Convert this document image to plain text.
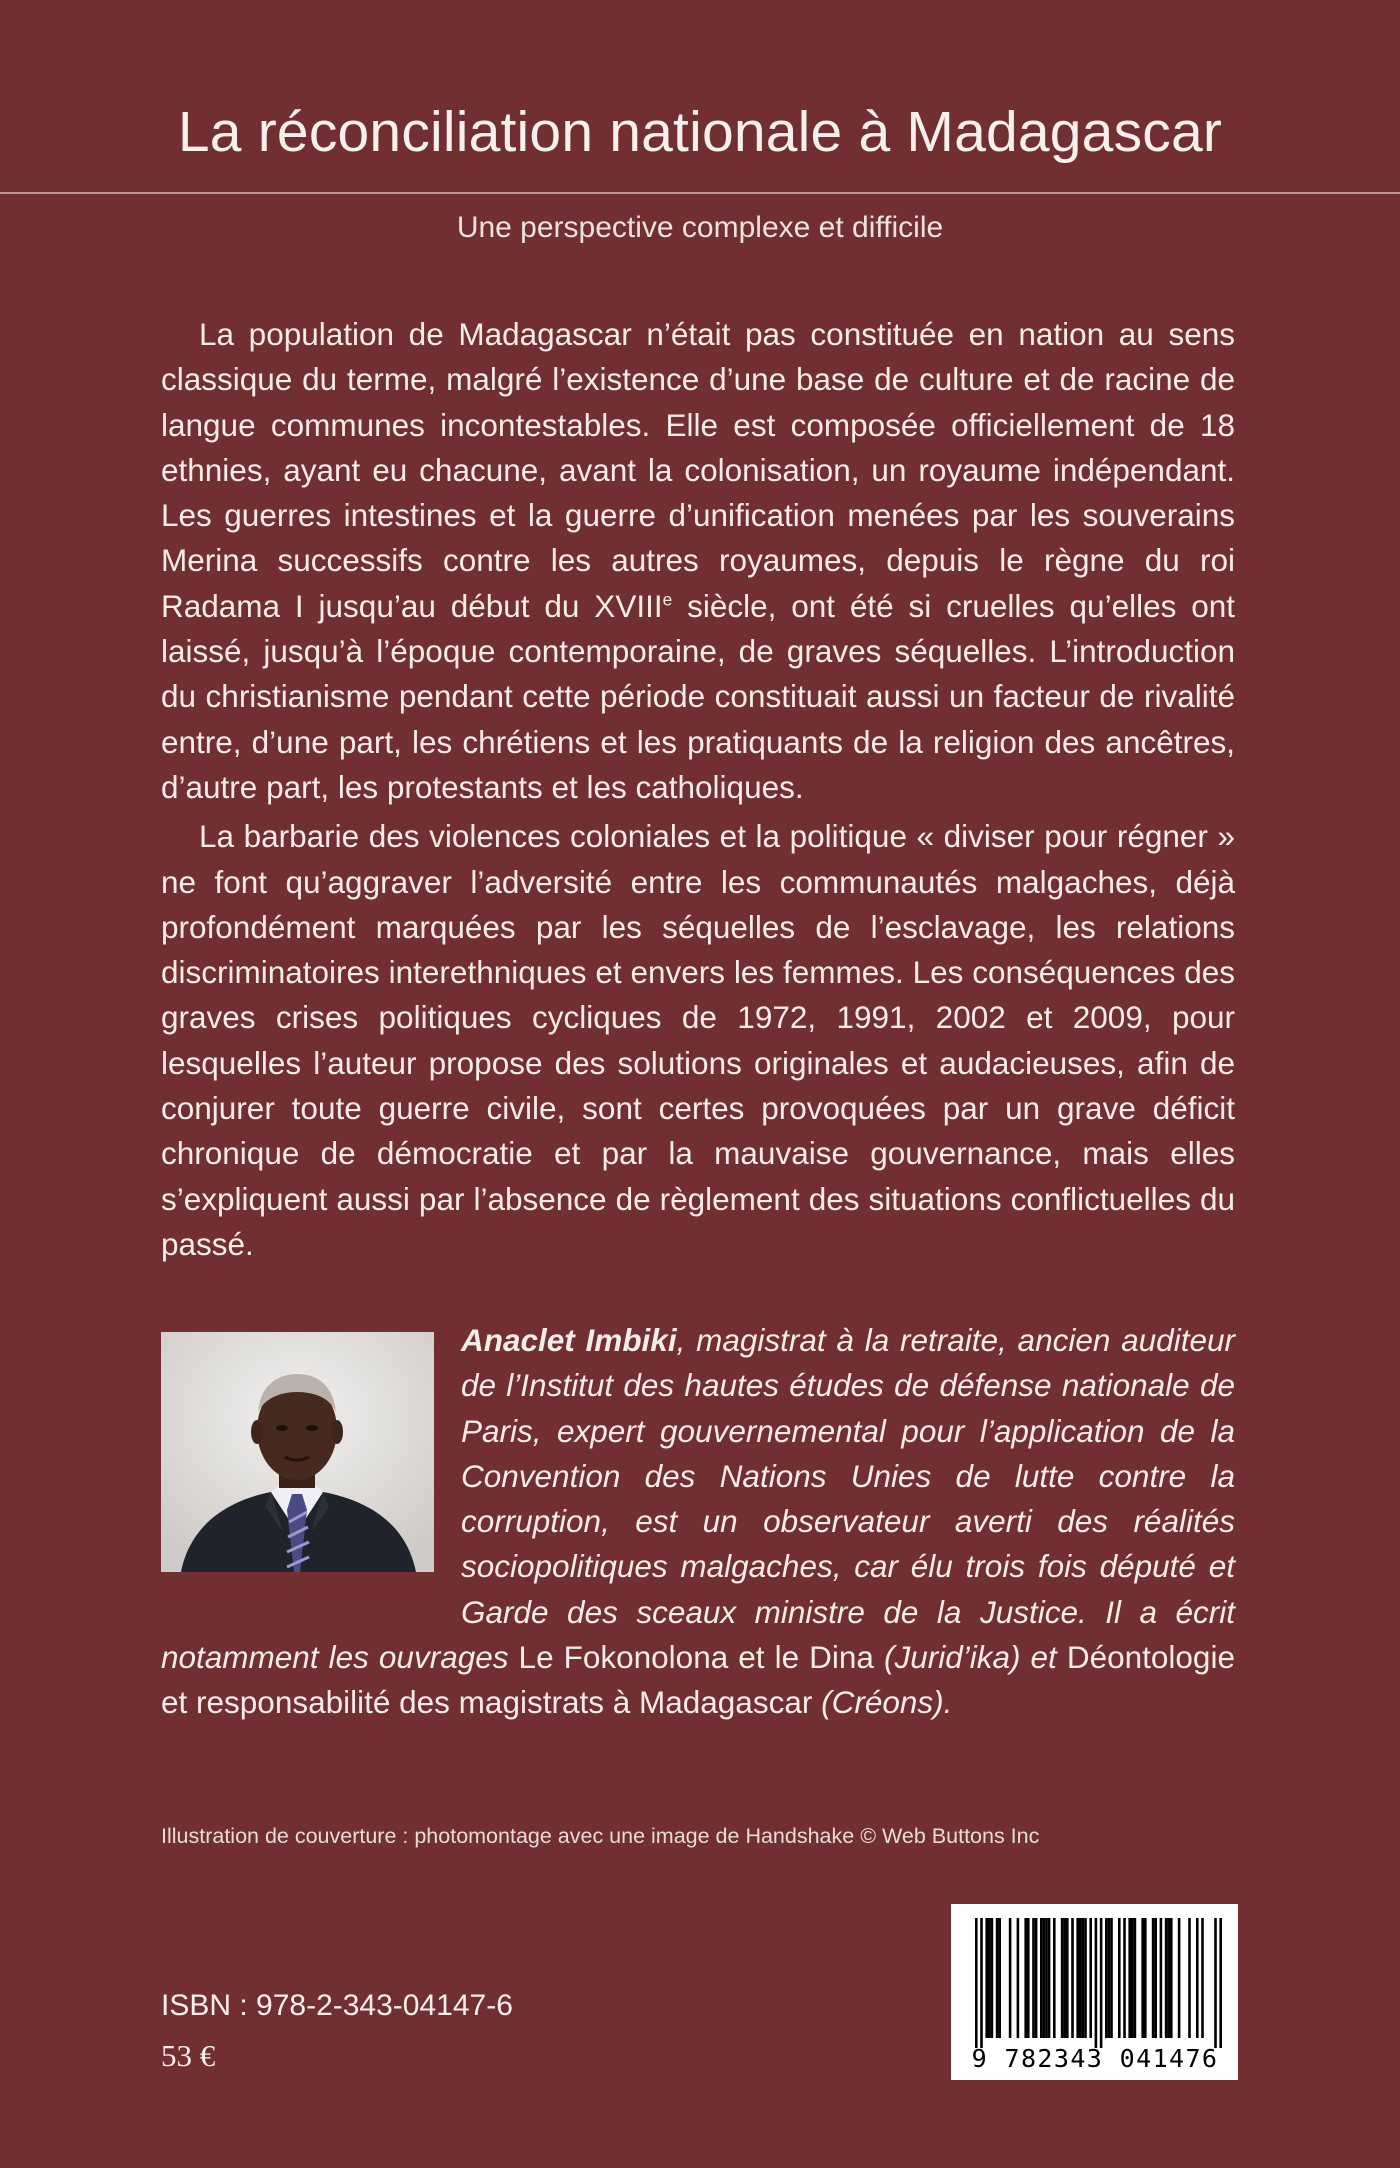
La réconciliation nationale à Madagascar
Une perspective complexe et difficile

La population de Madagascar n’était pas constituée en nation au sens classique du terme, malgré l’existence d’une base de culture et de racine de langue communes incontestables. Elle est composée officiellement de 18 ethnies, ayant eu chacune, avant la colonisation, un royaume indépendant. Les guerres intestines et la guerre d’unification menées par les souverains Merina successifs contre les autres royaumes, depuis le règne du roi Radama I jusqu’au début du XVIIIe siècle, ont été si cruelles qu’elles ont laissé, jusqu’à l’époque contemporaine, de graves séquelles. L’introduction du christianisme pendant cette période constituait aussi un facteur de rivalité entre, d’une part, les chrétiens et les pratiquants de la religion des ancêtres, d’autre part, les protestants et les catholiques.

La barbarie des violences coloniales et la politique « diviser pour régner » ne font qu’aggraver l’adversité entre les communautés malgaches, déjà profondément marquées par les séquelles de l’esclavage, les relations discriminatoires interethniques et envers les femmes. Les conséquences des graves crises politiques cycliques de 1972, 1991, 2002 et 2009, pour lesquelles l’auteur propose des solutions originales et audacieuses, afin de conjurer toute guerre civile, sont certes provoquées par un grave déficit chronique de démocratie et par la mauvaise gouvernance, mais elles s’expliquent aussi par l’absence de règlement des situations conflictuelles du passé.

Anaclet Imbiki, magistrat à la retraite, ancien auditeur de l’Institut des hautes études de défense nationale de Paris, expert gouvernemental pour l’application de la Convention des Nations Unies de lutte contre la corruption, est un observateur averti des réalités sociopolitiques malgaches, car élu trois fois député et Garde des sceaux ministre de la Justice. Il a écrit notamment les ouvrages Le Fokonolona et le Dina (Jurid’ika) et Déontologie et responsabilité des magistrats à Madagascar (Créons).
Illustration de couverture : photomontage avec une image de Handshake © Web Buttons Inc
ISBN : 978-2-343-04147-6
53 €	9 782343 041476
